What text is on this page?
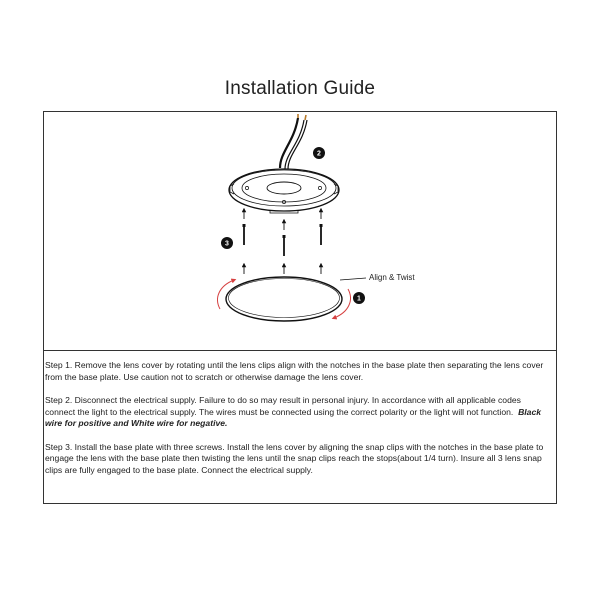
Installation Guide
2
3
Align & Twist
1

Step 1. Remove the lens cover by rotating until the lens clips align with the notches in the base plate then separating the lens cover from the base plate. Use caution not to scratch or otherwise damage the lens cover.

Step 2. Disconnect the electrical supply. Failure to do so may result in personal injury. In accordance with all applicable codes connect the light to the electrical supply. The wires must be connected using the correct polarity or the light will not function. Black wire for positive and White wire for negative.

Step 3. Install the base plate with three screws. Install the lens cover by aligning the snap clips with the notches in the base plate to engage the lens with the base plate then twisting the lens until the snap clips reach the stops(about 1/4 turn). Insure all 3 lens snap clips are fully engaged to the base plate. Connect the electrical supply.
